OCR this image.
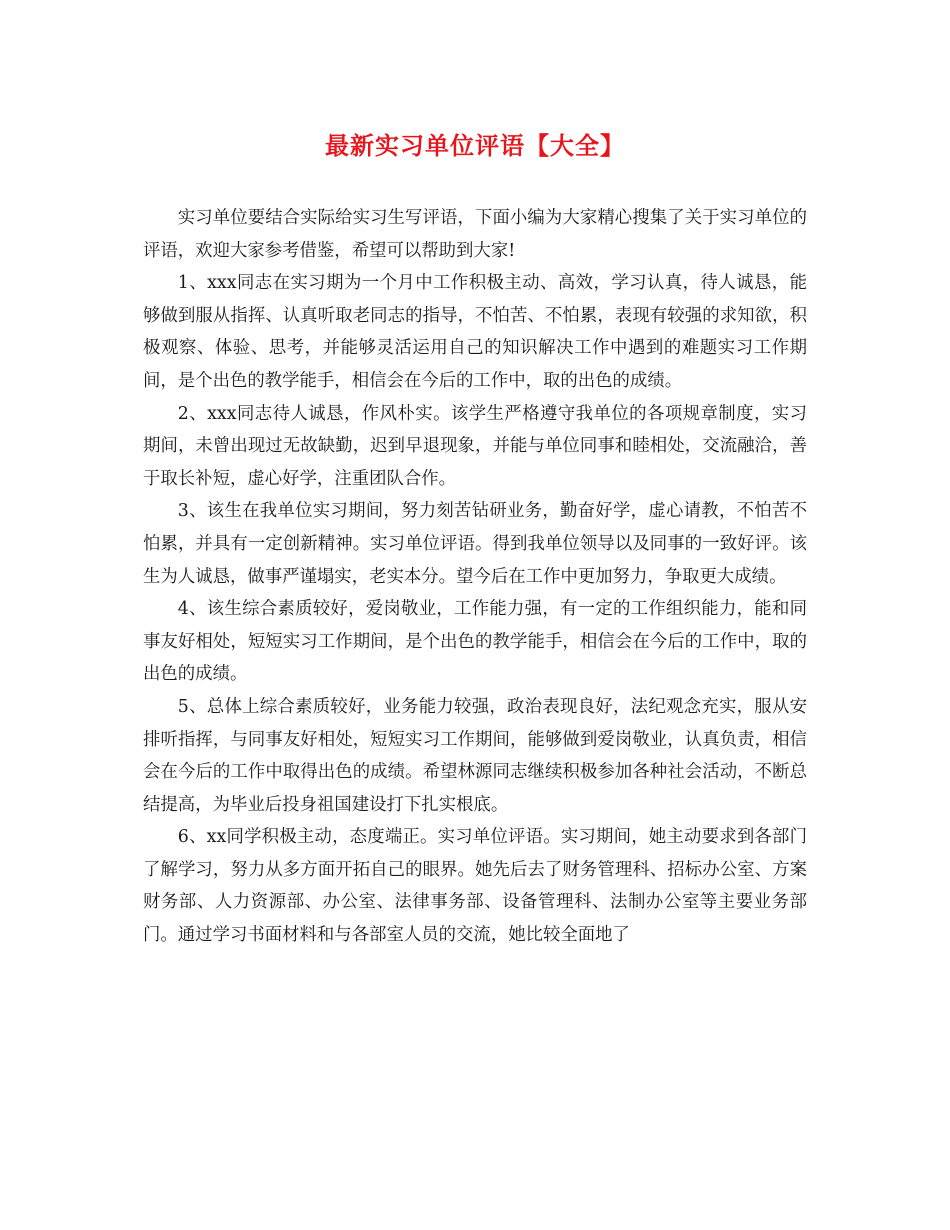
最新实习单位评语【大全】

实习单位要结合实际给实习生写评语，下面小编为大家精心搜集了关于实习单位的评语，欢迎大家参考借鉴，希望可以帮助到大家!

1、xxx同志在实习期为一个月中工作积极主动、高效，学习认真，待人诚恳，能够做到服从指挥、认真听取老同志的指导，不怕苦、不怕累，表现有较强的求知欲，积极观察、体验、思考，并能够灵活运用自己的知识解决工作中遇到的难题实习工作期间，是个出色的教学能手，相信会在今后的工作中，取的出色的成绩。

2、xxx同志待人诚恳，作风朴实。该学生严格遵守我单位的各项规章制度，实习期间，未曾出现过无故缺勤，迟到早退现象，并能与单位同事和睦相处，交流融洽，善于取长补短，虚心好学，注重团队合作。

3、该生在我单位实习期间，努力刻苦钻研业务，勤奋好学，虚心请教，不怕苦不怕累，并具有一定创新精神。实习单位评语。得到我单位领导以及同事的一致好评。该生为人诚恳，做事严谨塌实，老实本分。望今后在工作中更加努力，争取更大成绩。

4、该生综合素质较好，爱岗敬业，工作能力强，有一定的工作组织能力，能和同事友好相处，短短实习工作期间，是个出色的教学能手，相信会在今后的工作中，取的出色的成绩。

5、总体上综合素质较好，业务能力较强，政治表现良好，法纪观念充实，服从安排听指挥，与同事友好相处，短短实习工作期间，能够做到爱岗敬业，认真负责，相信会在今后的工作中取得出色的成绩。希望林源同志继续积极参加各种社会活动，不断总结提高，为毕业后投身祖国建设打下扎实根底。

6、xx同学积极主动，态度端正。实习单位评语。实习期间，她主动要求到各部门了解学习，努力从多方面开拓自己的眼界。她先后去了财务管理科、招标办公室、方案财务部、人力资源部、办公室、法律事务部、设备管理科、法制办公室等主要业务部门。通过学习书面材料和与各部室人员的交流，她比较全面地了
